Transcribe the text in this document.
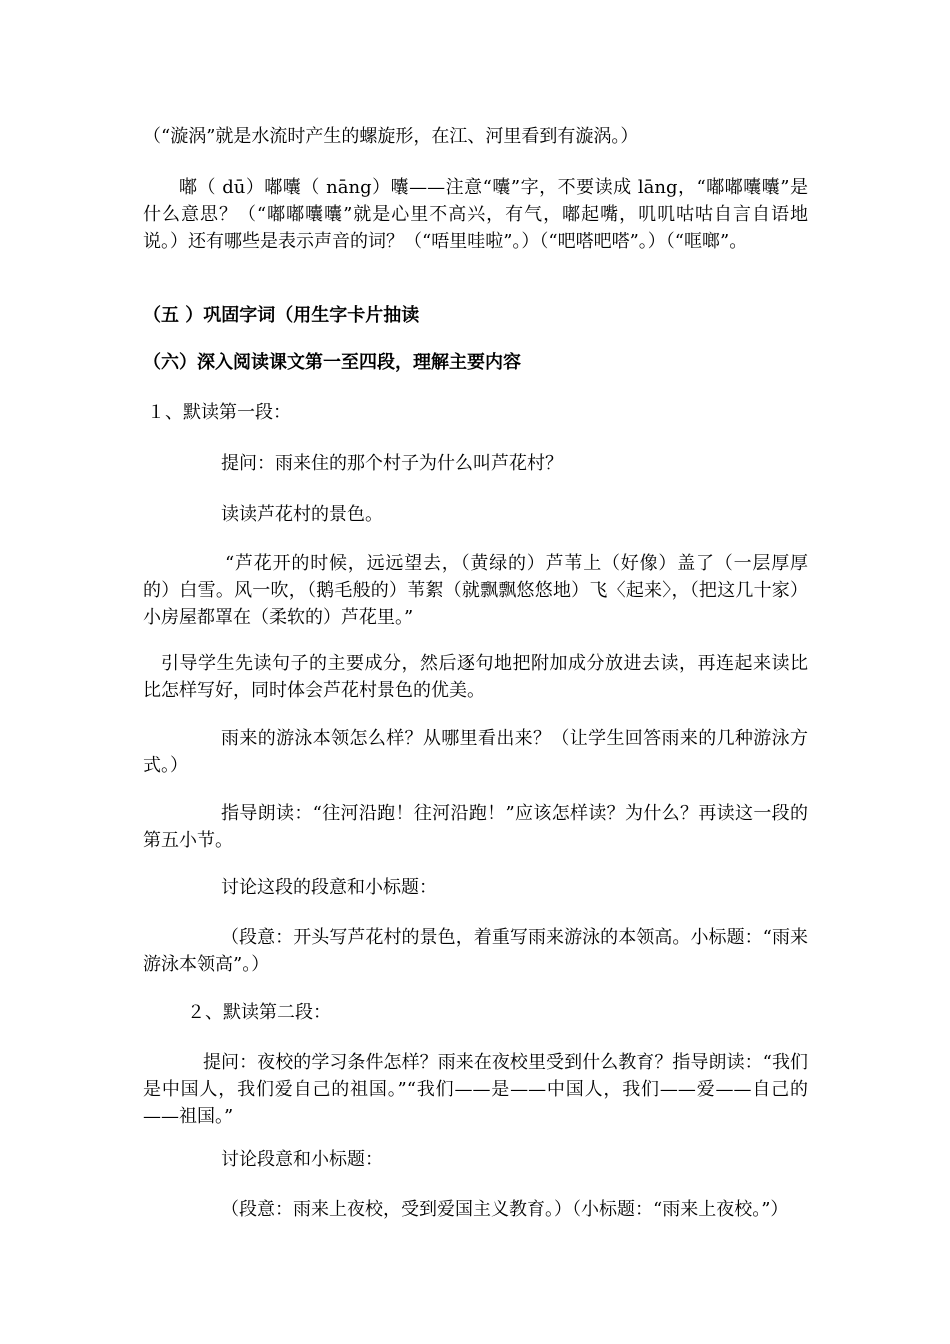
（“漩涡”就是水流时产生的螺旋形，在江、河里看到有漩涡。）

嘟（ dū）嘟囔（ nāng）囔——注意“囔”字，不要读成 lāng，“嘟嘟囔囔”是什么意思？（“嘟嘟囔囔”就是心里不高兴，有气，嘟起嘴，叽叽咕咕自言自语地说。）还有哪些是表示声音的词？（“唔里哇啦”。）（“吧嗒吧嗒”。）（“哐啷”。

（五 ）巩固字词（用生字卡片抽读

（六）深入阅读课文第一至四段，理解主要内容

１、默读第一段：

提问：雨来住的那个村子为什么叫芦花村？

读读芦花村的景色。

“芦花开的时候，远远望去，（黄绿的）芦苇上（好像）盖了（一层厚厚的）白雪。风一吹，（鹅毛般的）苇絮（就飘飘悠悠地）飞〈起来〉，（把这几十家）小房屋都罩在（柔软的）芦花里。”

引导学生先读句子的主要成分，然后逐句地把附加成分放进去读，再连起来读比比怎样写好，同时体会芦花村景色的优美。

雨来的游泳本领怎么样？从哪里看出来？（让学生回答雨来的几种游泳方式。）

指导朗读：“往河沿跑！往河沿跑！”应该怎样读？为什么？再读这一段的第五小节。

讨论这段的段意和小标题：

（段意：开头写芦花村的景色，着重写雨来游泳的本领高。小标题：“雨来游泳本领高”。）

２、默读第二段：

提问：夜校的学习条件怎样？雨来在夜校里受到什么教育？指导朗读：“我们是中国人，我们爱自己的祖国。”“我们——是——中国人，我们——爱——自己的——祖国。”

讨论段意和小标题：

（段意：雨来上夜校，受到爱国主义教育。）（小标题：“雨来上夜校。”）
